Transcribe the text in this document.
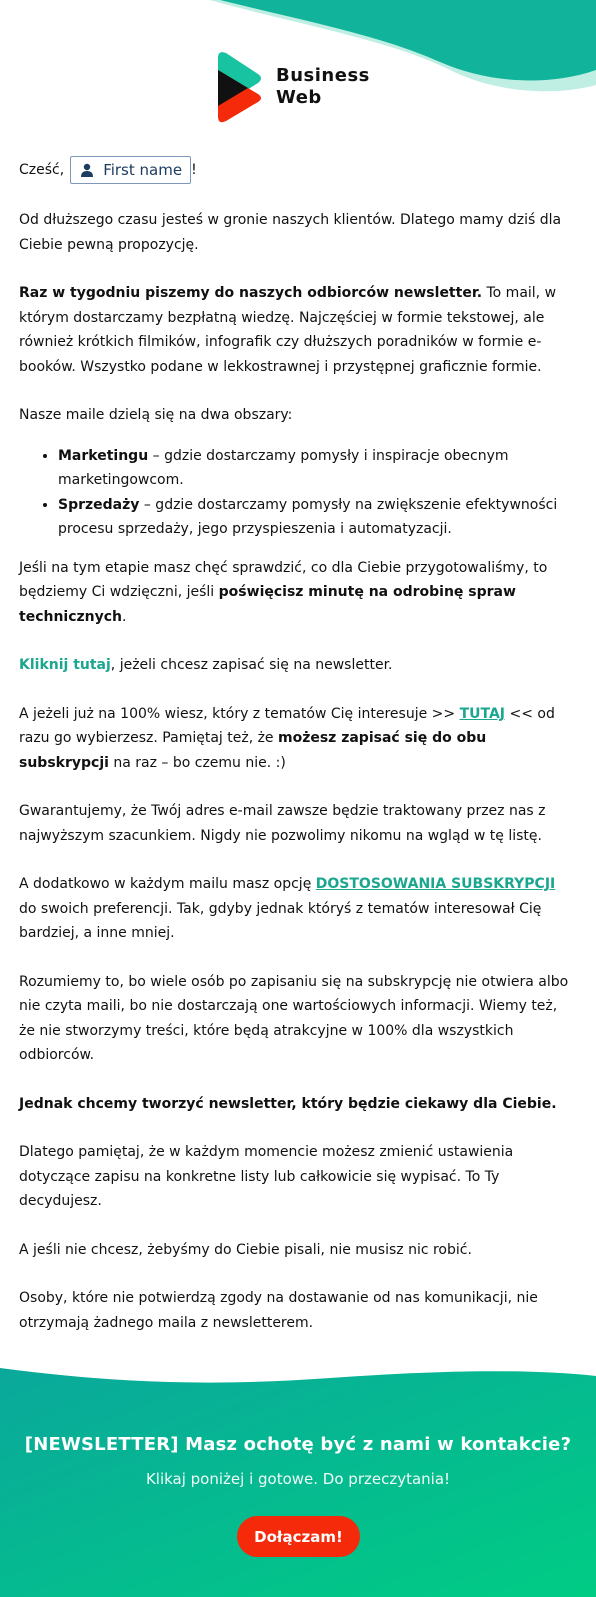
Business
Web
Cześć,	First name !

Od dłuższego czasu jesteś w gronie naszych klientów. Dlatego mamy dziś dla Ciebie pewną propozycję.

Raz w tygodniu piszemy do naszych odbiorców newsletter. To mail, w którym dostarczamy bezpłatną wiedzę. Najczęściej w formie tekstowej, ale również krótkich filmików, infografik czy dłuższych poradników w formie e-booków. Wszystko podane w lekkostrawnej i przystępnej graficznie formie.

Nasze maile dzielą się na dwa obszary:

• Marketingu – gdzie dostarczamy pomysły i inspiracje obecnym marketingowcom.
• Sprzedaży – gdzie dostarczamy pomysły na zwiększenie efektywności procesu sprzedaży, jego przyspieszenia i automatyzacji.

Jeśli na tym etapie masz chęć sprawdzić, co dla Ciebie przygotowaliśmy, to będziemy Ci wdzięczni, jeśli poświęcisz minutę na odrobinę spraw technicznych.

Kliknij tutaj, jeżeli chcesz zapisać się na newsletter.

A jeżeli już na 100% wiesz, który z tematów Cię interesuje >> TUTAJ << od razu go wybierzesz. Pamiętaj też, że możesz zapisać się do obu subskrypcji na raz – bo czemu nie. :)

Gwarantujemy, że Twój adres e-mail zawsze będzie traktowany przez nas z najwyższym szacunkiem. Nigdy nie pozwolimy nikomu na wgląd w tę listę.

A dodatkowo w każdym mailu masz opcję DOSTOSOWANIA SUBSKRYPCJI do swoich preferencji. Tak, gdyby jednak któryś z tematów interesował Cię bardziej, a inne mniej.

Rozumiemy to, bo wiele osób po zapisaniu się na subskrypcję nie otwiera albo nie czyta maili, bo nie dostarczają one wartościowych informacji. Wiemy też, że nie stworzymy treści, które będą atrakcyjne w 100% dla wszystkich odbiorców.

Jednak chcemy tworzyć newsletter, który będzie ciekawy dla Ciebie.

Dlatego pamiętaj, że w każdym momencie możesz zmienić ustawienia dotyczące zapisu na konkretne listy lub całkowicie się wypisać. To Ty decydujesz.

A jeśli nie chcesz, żebyśmy do Ciebie pisali, nie musisz nic robić.

Osoby, które nie potwierdzą zgody na dostawanie od nas komunikacji, nie otrzymają żadnego maila z newsletterem.

[NEWSLETTER] Masz ochotę być z nami w kontakcie?
Klikaj poniżej i gotowe. Do przeczytania!
Dołączam!
